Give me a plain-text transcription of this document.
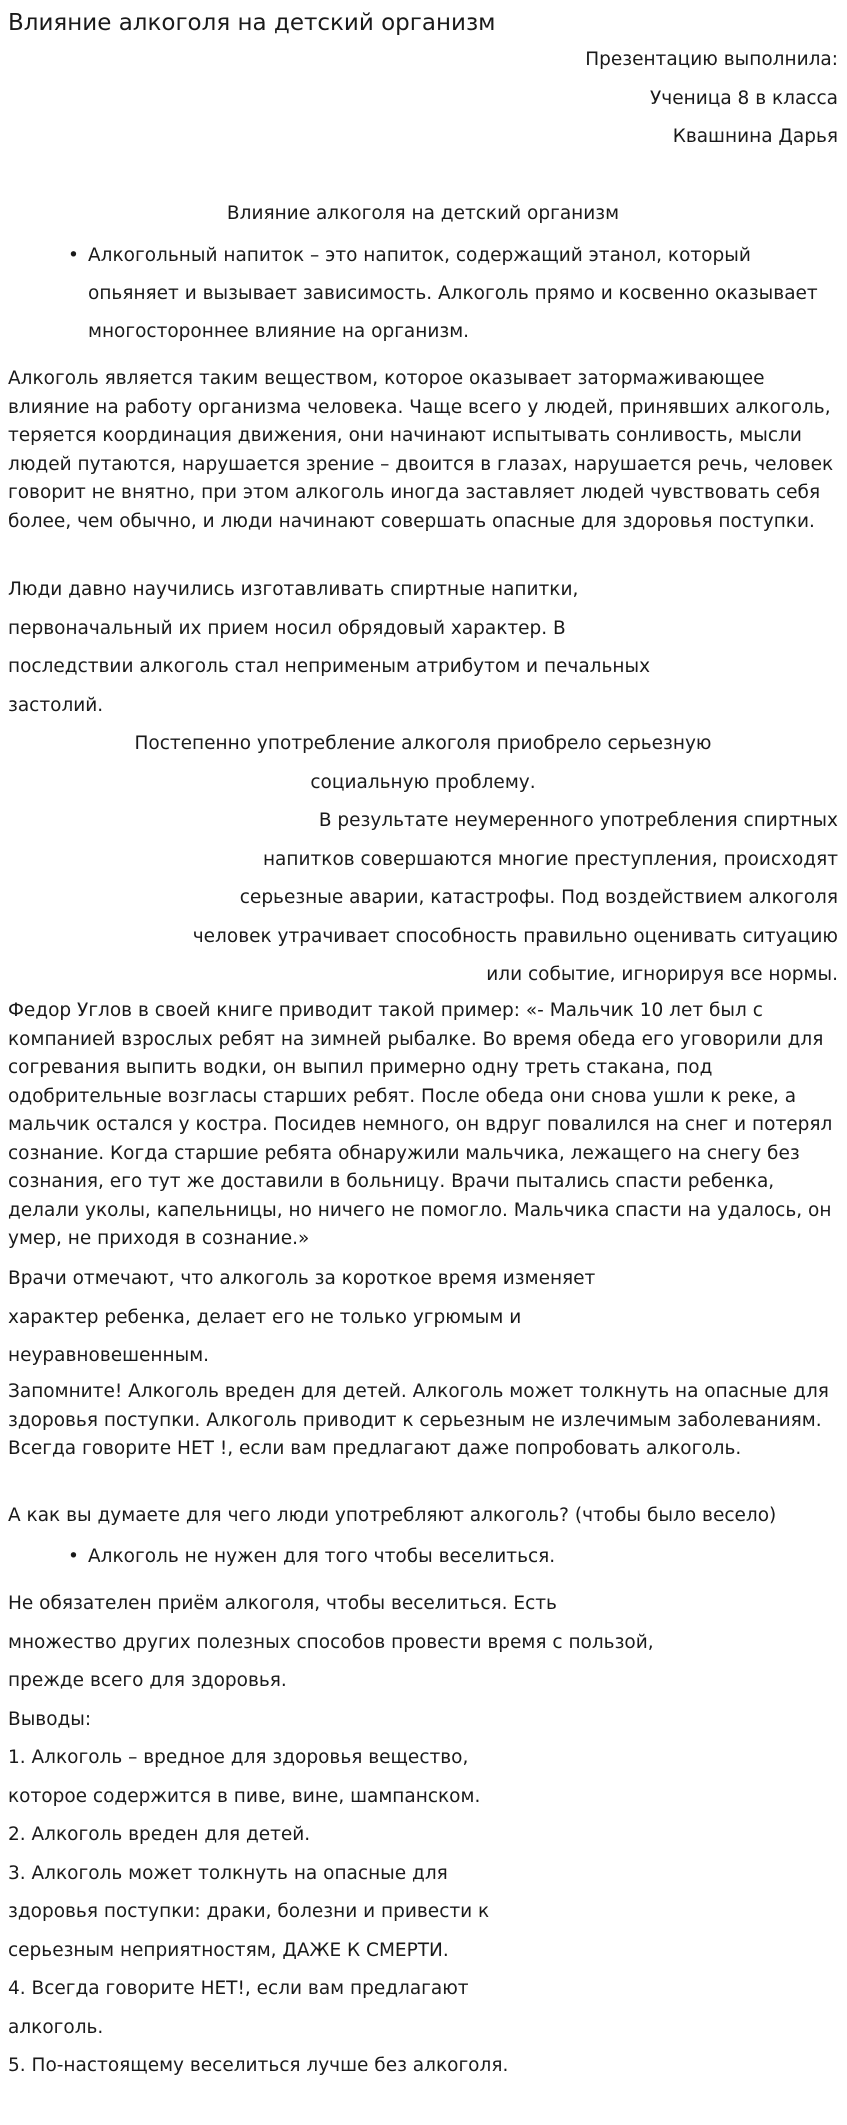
Влияние алкоголя на детский организм
Презентацию выполнила:
Ученица 8 в класса
Квашнина Дарья
Влияние алкоголя на детский организм

• Алкогольный напиток – это напиток, содержащий этанол, который опьяняет и вызывает зависимость. Алкоголь прямо и косвенно оказывает многостороннее влияние на организм.

Алкоголь является таким веществом, которое оказывает затормаживающее влияние на работу организма человека. Чаще всего у людей, принявших алкоголь, теряется координация движения, они начинают испытывать сонливость, мысли людей путаются, нарушается зрение – двоится в глазах, нарушается речь, человек говорит не внятно, при этом алкоголь иногда заставляет людей чувствовать себя более, чем обычно, и люди начинают совершать опасные для здоровья поступки.

Люди давно научились изготавливать спиртные напитки,
первоначальный их прием носил обрядовый характер. В
последствии алкоголь стал неприменым атрибутом и печальных
застолий.
Постепенно употребление алкоголя приобрело серьезную
социальную проблему.
В результате неумеренного употребления спиртных
напитков совершаются многие преступления, происходят
серьезные аварии, катастрофы. Под воздействием алкоголя
человек утрачивает способность правильно оценивать ситуацию
или событие, игнорируя все нормы.

Федор Углов в своей книге приводит такой пример: «- Мальчик 10 лет был с компанией взрослых ребят на зимней рыбалке. Во время обеда его уговорили для согревания выпить водки, он выпил примерно одну треть стакана, под одобрительные возгласы старших ребят. После обеда они снова ушли к реке, а мальчик остался у костра. Посидев немного, он вдруг повалился на снег и потерял сознание. Когда старшие ребята обнаружили мальчика, лежащего на снегу без сознания, его тут же доставили в больницу. Врачи пытались спасти ребенка, делали уколы, капельницы, но ничего не помогло. Мальчика спасти на удалось, он умер, не приходя в сознание.»

Врачи отмечают, что алкоголь за короткое время изменяет
характер ребенка, делает его не только угрюмым и
неуравновешенным.

Запомните! Алкоголь вреден для детей. Алкоголь может толкнуть на опасные для здоровья поступки. Алкоголь приводит к серьезным не излечимым заболеваниям. Всегда говорите НЕТ !, если вам предлагают даже попробовать алкоголь.

А как вы думаете для чего люди употребляют алкоголь? (чтобы было весело)

• Алкоголь не нужен для того чтобы веселиться.

Не обязателен приём алкоголя, чтобы веселиться. Есть
множество других полезных способов провести время с пользой,
прежде всего для здоровья.
Выводы:
1. Алкоголь – вредное для здоровья вещество,
которое содержится в пиве, вине, шампанском.
2. Алкоголь вреден для детей.
3. Алкоголь может толкнуть на опасные для
здоровья поступки: драки, болезни и привести к
серьезным неприятностям, ДАЖЕ К СМЕРТИ.
4. Всегда говорите НЕТ!, если вам предлагают
алкоголь.
5. По-настоящему веселиться лучше без алкоголя.
